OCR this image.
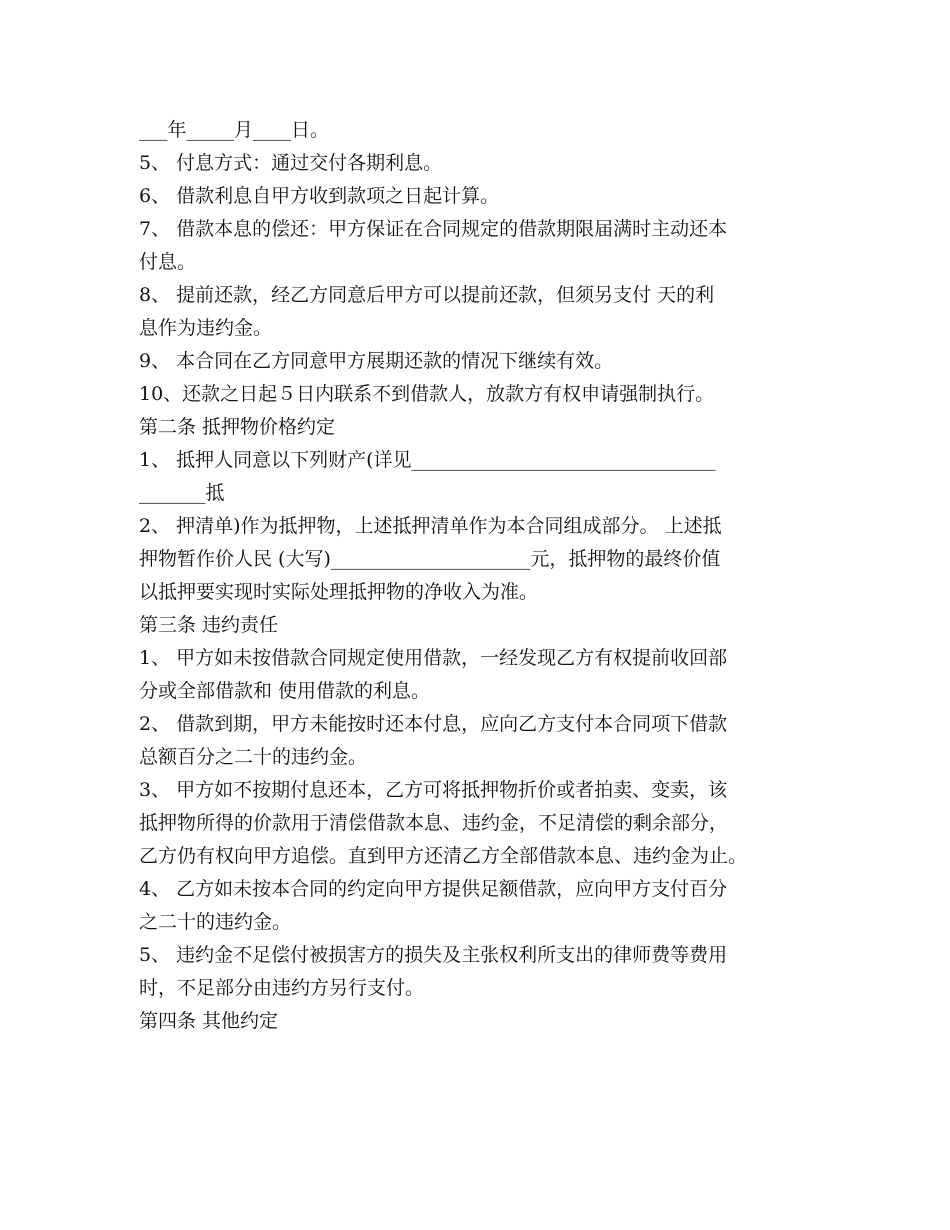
___年_____月____日。
5、 付息方式：通过交付各期利息。
6、 借款利息自甲方收到款项之日起计算。
7、 借款本息的偿还：甲方保证在合同规定的借款期限届满时主动还本
付息。
8、 提前还款，经乙方同意后甲方可以提前还款，但须另支付 天的利
息作为违约金。
9、 本合同在乙方同意甲方展期还款的情况下继续有效。
10、还款之日起５日内联系不到借款人，放款方有权申请强制执行。
第二条 抵押物价格约定
1、 抵押人同意以下列财产(详见________________________________
_______抵
2、 押清单)作为抵押物，上述抵押清单作为本合同组成部分。 上述抵
押物暂作价人民 (大写)_____________________元，抵押物的最终价值
以抵押要实现时实际处理抵押物的净收入为准。
第三条 违约责任
1、 甲方如未按借款合同规定使用借款，一经发现乙方有权提前收回部
分或全部借款和 使用借款的利息。
2、 借款到期，甲方未能按时还本付息，应向乙方支付本合同项下借款
总额百分之二十的违约金。
3、 甲方如不按期付息还本，乙方可将抵押物折价或者拍卖、变卖，该
抵押物所得的价款用于清偿借款本息、违约金，不足清偿的剩余部分，
乙方仍有权向甲方追偿。直到甲方还清乙方全部借款本息、违约金为止。
4、 乙方如未按本合同的约定向甲方提供足额借款，应向甲方支付百分
之二十的违约金。
5、 违约金不足偿付被损害方的损失及主张权利所支出的律师费等费用
时，不足部分由违约方另行支付。
第四条 其他约定
